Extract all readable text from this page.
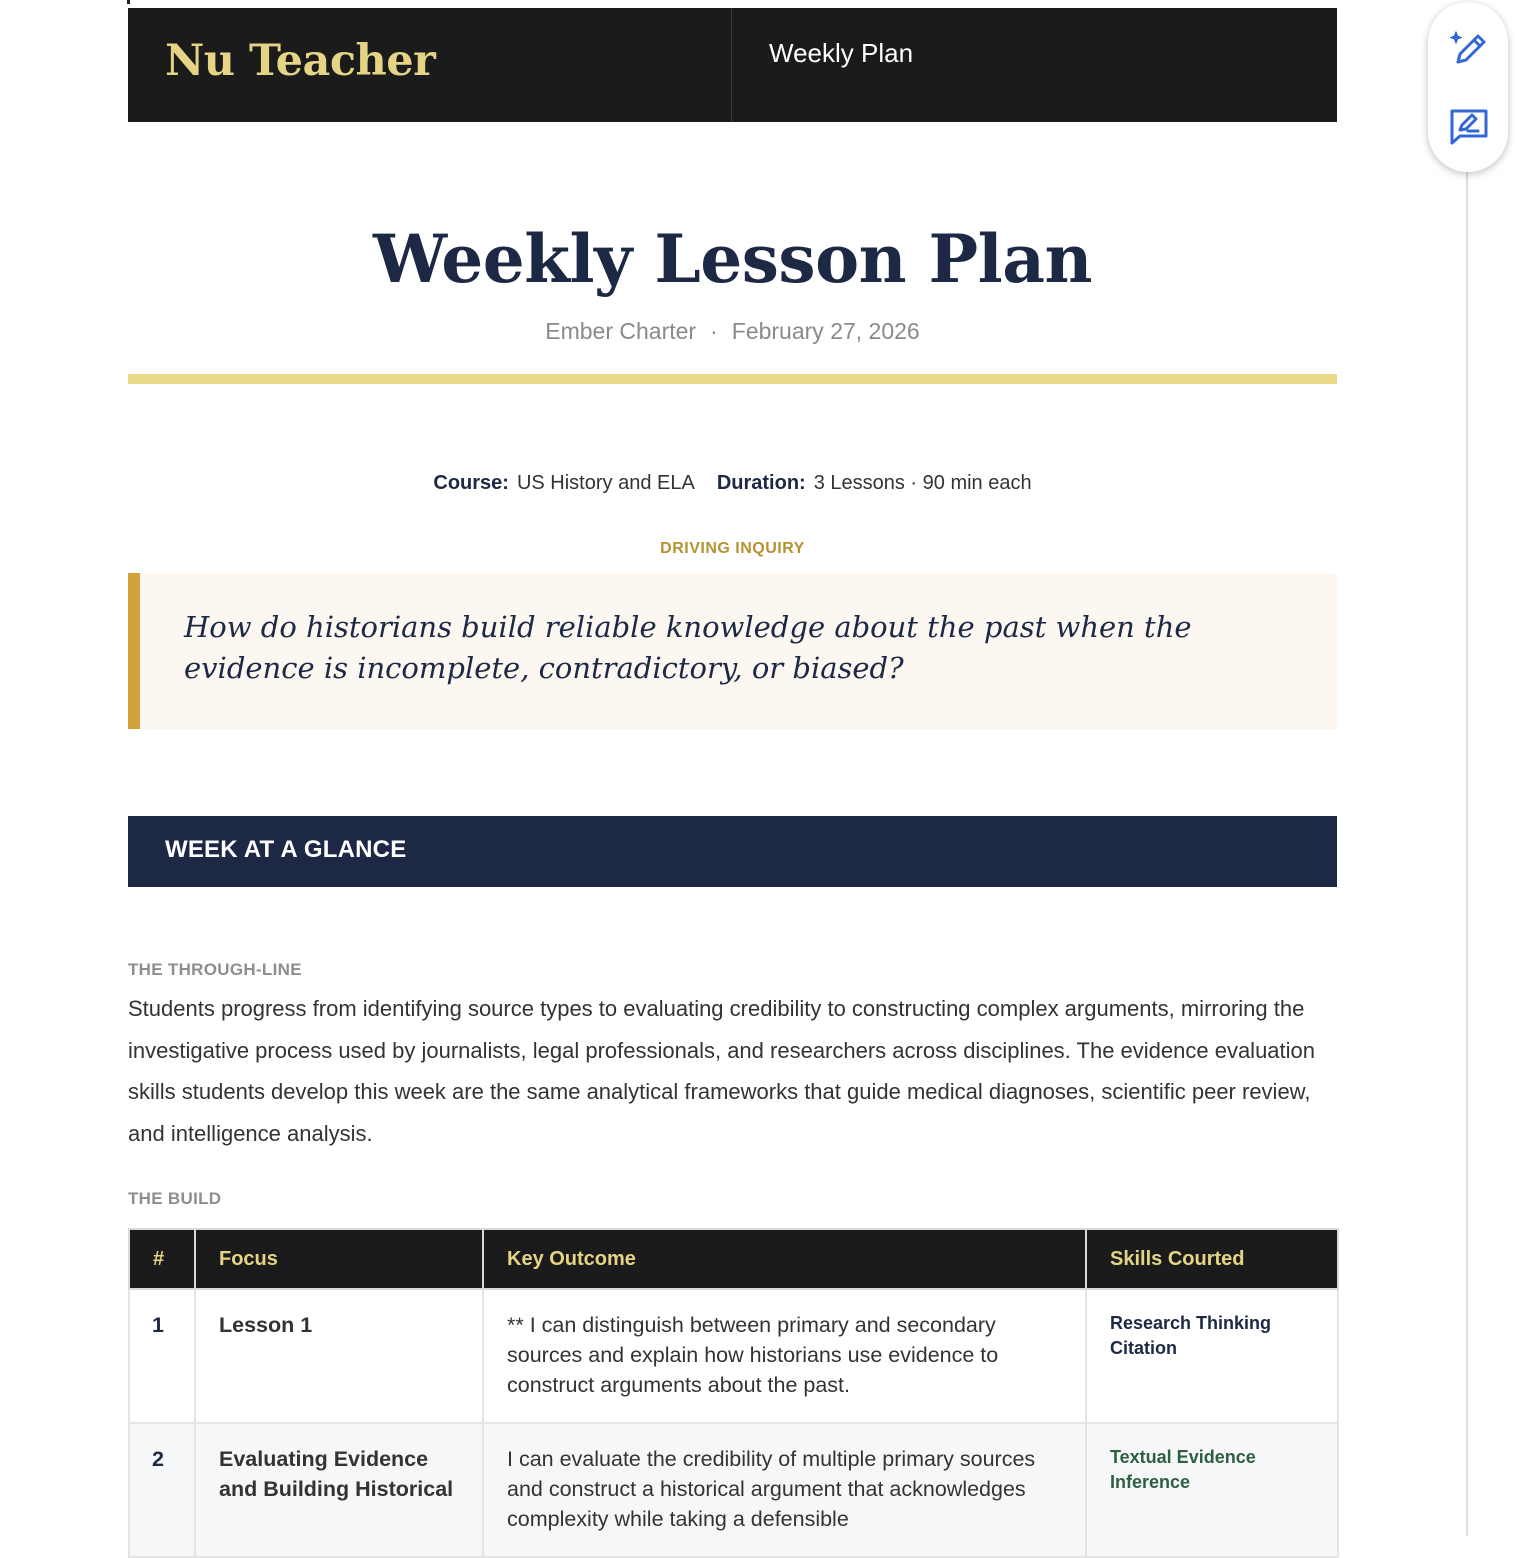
Nu Teacher	Weekly Plan
Weekly Lesson Plan
Ember Charter · February 27, 2026
Course: US History and ELA Duration: 3 Lessons · 90 min each
DRIVING INQUIRY

How do historians build reliable knowledge about the past when the evidence is incomplete, contradictory, or biased?

WEEK AT A GLANCE
THE THROUGH-LINE

Students progress from identifying source types to evaluating credibility to constructing complex arguments, mirroring the investigative process used by journalists, legal professionals, and researchers across disciplines. The evidence evaluation skills students develop this week are the same analytical frameworks that guide medical diagnoses, scientific peer review, and intelligence analysis.

THE BUILD
#	Focus	Key Outcome	Skills Courted
1	Lesson 1	** I can distinguish between primary and secondary sources and explain how historians use evidence to construct arguments about the past.	Research Thinking
Citation

2	Evaluating Evidence and Building Historical	I can evaluate the credibility of multiple primary sources and construct a historical argument that acknowledges complexity while taking a defensible	Textual Evidence
Inference
